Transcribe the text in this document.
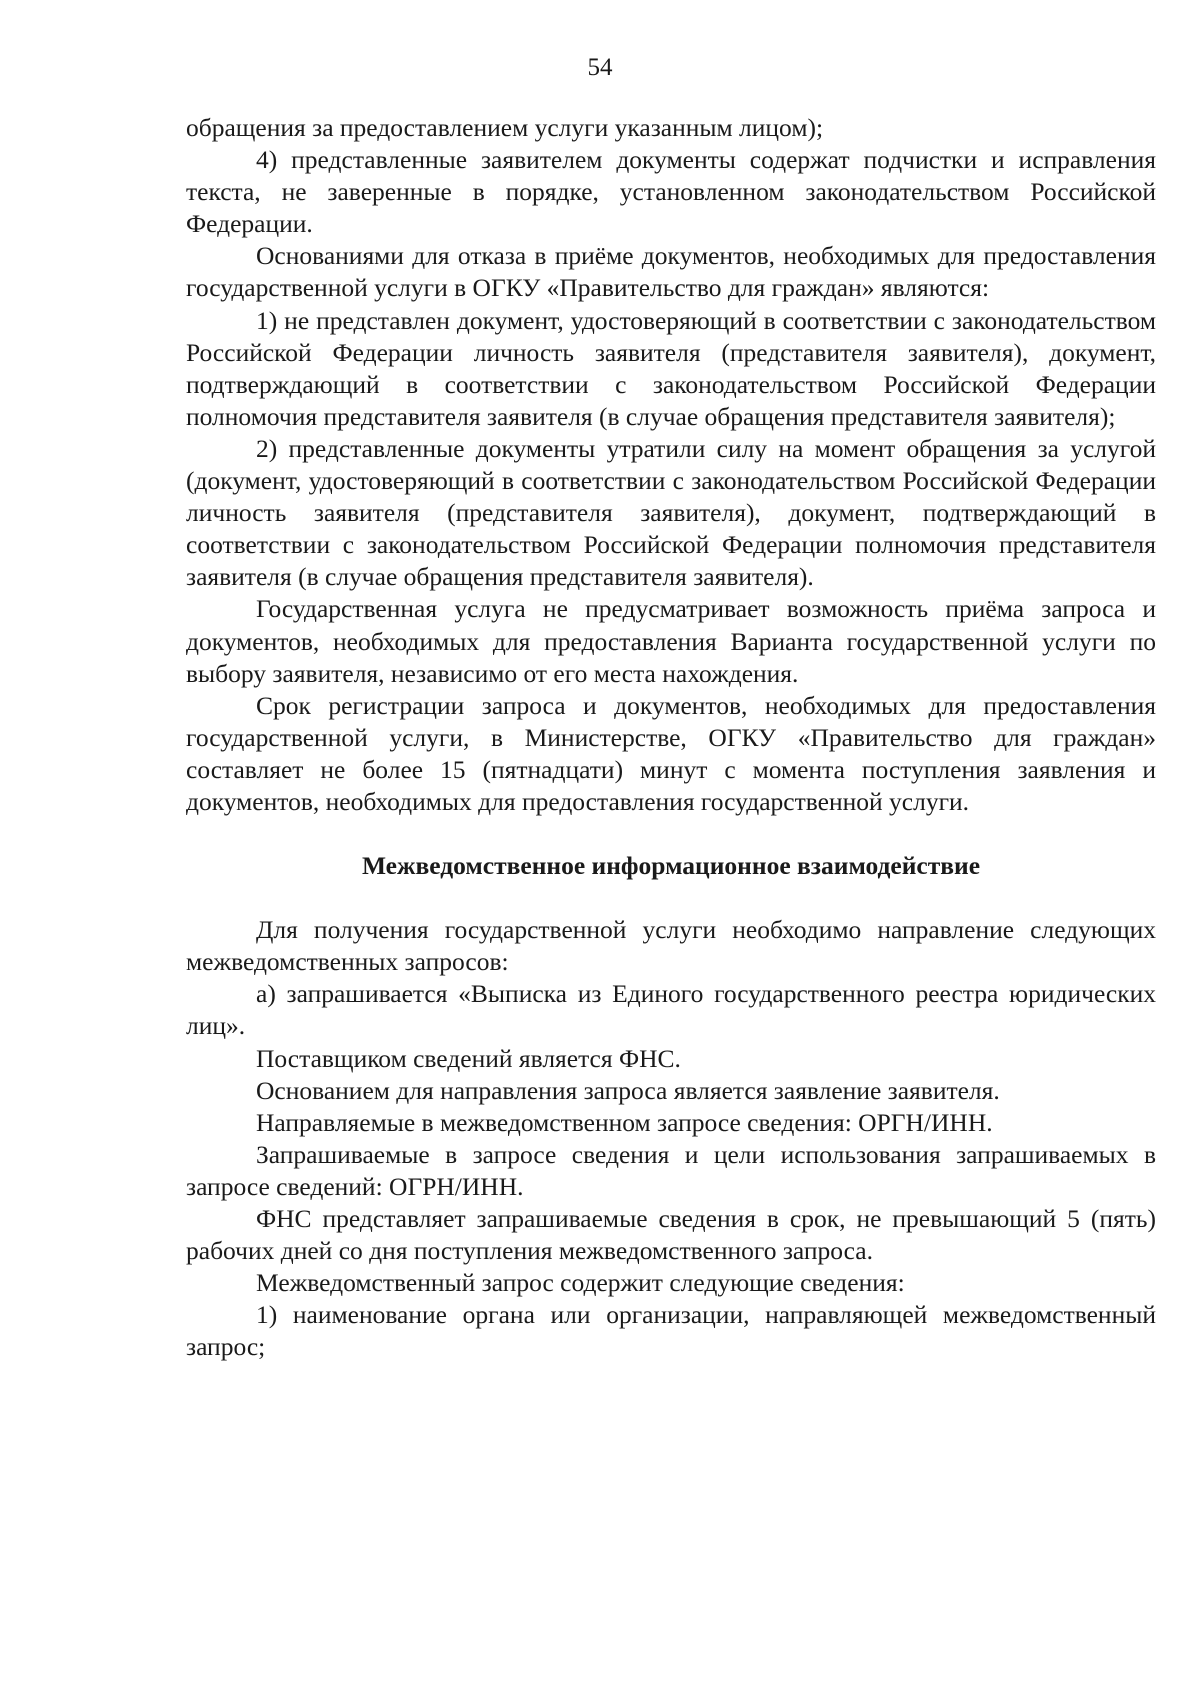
54

обращения за предоставлением услуги указанным лицом);

4) представленные заявителем документы содержат подчистки и исправления текста, не заверенные в порядке, установленном законодательством Российской Федерации.

Основаниями для отказа в приёме документов, необходимых для предоставления государственной услуги в ОГКУ «Правительство для граждан» являются:

1) не представлен документ, удостоверяющий в соответствии с законодательством Российской Федерации личность заявителя (представителя заявителя), документ, подтверждающий в соответствии с законодательством Российской Федерации полномочия представителя заявителя (в случае обращения представителя заявителя);

2) представленные документы утратили силу на момент обращения за услугой (документ, удостоверяющий в соответствии с законодательством Российской Федерации личность заявителя (представителя заявителя), документ, подтверждающий в соответствии с законодательством Российской Федерации полномочия представителя заявителя (в случае обращения представителя заявителя).

Государственная услуга не предусматривает возможность приёма запроса и документов, необходимых для предоставления Варианта государственной услуги по выбору заявителя, независимо от его места нахождения.

Срок регистрации запроса и документов, необходимых для предоставления государственной услуги, в Министерстве, ОГКУ «Правительство для граждан» составляет не более 15 (пятнадцати) минут с момента поступления заявления и документов, необходимых для предоставления государственной услуги.

Межведомственное информационное взаимодействие

Для получения государственной услуги необходимо направление следующих межведомственных запросов:

а) запрашивается «Выписка из Единого государственного реестра юридических лиц».

Поставщиком сведений является ФНС.

Основанием для направления запроса является заявление заявителя.

Направляемые в межведомственном запросе сведения: ОРГН/ИНН.

Запрашиваемые в запросе сведения и цели использования запрашиваемых в запросе сведений: ОГРН/ИНН.

ФНС представляет запрашиваемые сведения в срок, не превышающий 5 (пять) рабочих дней со дня поступления межведомственного запроса.

Межведомственный запрос содержит следующие сведения:

1) наименование органа или организации, направляющей межведомственный запрос;
